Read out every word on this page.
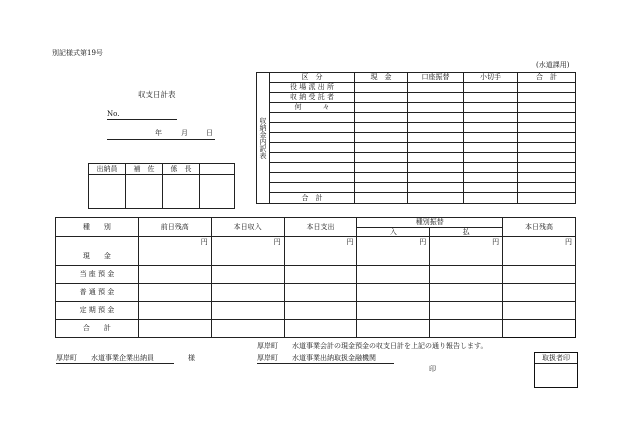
別記様式第19号
(水道課用)
収支日計表
No.
年	月	日
出納員	補　佐	係　長	

収納金内訳表	区　分	現　金	口座振替	小切手	合　計
	役 場 派 出 所				
	収 納 受 託 者				
	何　　　々				

	合　計				
種　　別	前日残高	本日収入	本日支出	種別振替		本日残高
				入	払	
現　　金	円	円	円	円	円	円
当 座 預 金						
普 通 預 金						
定 期 預 金						
合　　計						
厚岸町　　水道事業会計の現金預金の収支日計を上記の通り報告します。
厚岸町　　水道事業企業出納員	様	厚岸町　　水道事業出納取扱金融機関
印
取扱者印
